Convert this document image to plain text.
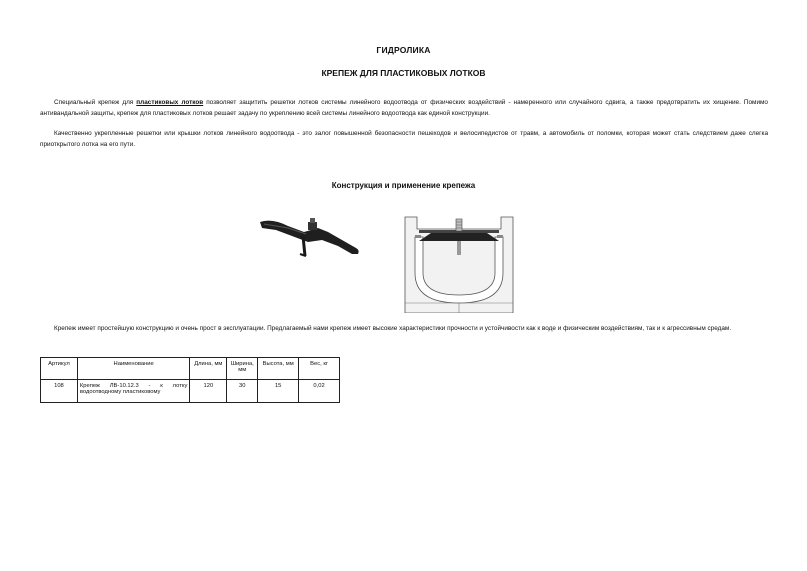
ГИДРОЛИКА
КРЕПЕЖ ДЛЯ ПЛАСТИКОВЫХ ЛОТКОВ
Специальный крепеж для пластиковых лотков позволяет защитить решетки лотков системы линейного водоотвода от физических воздействий - намеренного или случайного сдвига, а также предотвратить их хищение. Помимо антивандальной защиты, крепеж для пластиковых лотков решает задачу по укреплению всей системы линейного водоотвода как единой конструкции.
Качественно укрепленные решетки или крышки лотков линейного водоотвода - это залог повышенной безопасности пешеходов и велосипедистов от травм, а автомобиль от поломки, которая может стать следствием даже слегка приоткрытого лотка на его пути.
Конструкция и применение крепежа
Крепеж имеет простейшую конструкцию и очень прост в эксплуатации. Предлагаемый нами крепеж имеет высокие характеристики прочности и устойчивости как к воде и физическим воздействиям, так и к агрессивным средам.
Артикул	Наименование	Длина, мм	Ширина, мм	Высота, мм	Вес, кг
108	Крепеж ЛВ-10.12.3 - к лотку водоотводному пластиковому	120	30	15	0,02
